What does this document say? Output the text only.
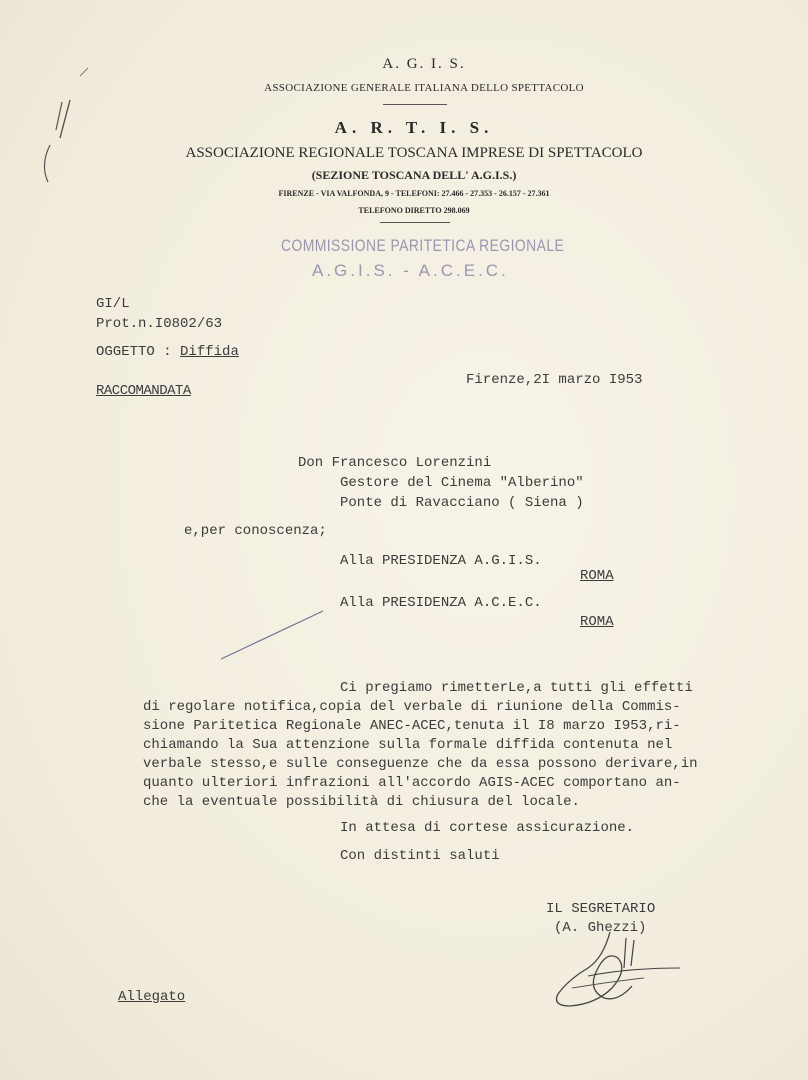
A. G. I. S.
ASSOCIAZIONE GENERALE ITALIANA DELLO SPETTACOLO
A. R. T. I. S.
ASSOCIAZIONE REGIONALE TOSCANA IMPRESE DI SPETTACOLO
(SEZIONE TOSCANA DELL' A.G.I.S.)
FIRENZE - VIA VALFONDA, 9 - TELEFONI: 27.466 - 27.353 - 26.157 - 27.361
TELEFONO DIRETTO 298.069
COMMISSIONE PARITETICA REGIONALE
A.G.I.S. - A.C.E.C.
GI/L
Prot.n.I0802/63
OGGETTO : Diffida
RACCOMANDATA
Firenze,2I marzo I953
Don Francesco Lorenzini
Gestore del Cinema "Alberino"
Ponte di Ravacciano ( Siena )
e,per conoscenza;
Alla PRESIDENZA A.G.I.S.
ROMA
Alla PRESIDENZA A.C.E.C.
ROMA
Ci pregiamo rimetterLe,a tutti gli effetti
di regolare notifica,copia del verbale di riunione della Commis-
sione Paritetica Regionale ANEC-ACEC,tenuta il I8 marzo I953,ri-
chiamando la Sua attenzione sulla formale diffida contenuta nel
verbale stesso,e sulle conseguenze che da essa possono derivare,in
quanto ulteriori infrazioni all'accordo AGIS-ACEC comportano an-
che la eventuale possibilità di chiusura del locale.
In attesa di cortese assicurazione.
Con distinti saluti
IL SEGRETARIO
(A. Ghezzi)
Allegato
